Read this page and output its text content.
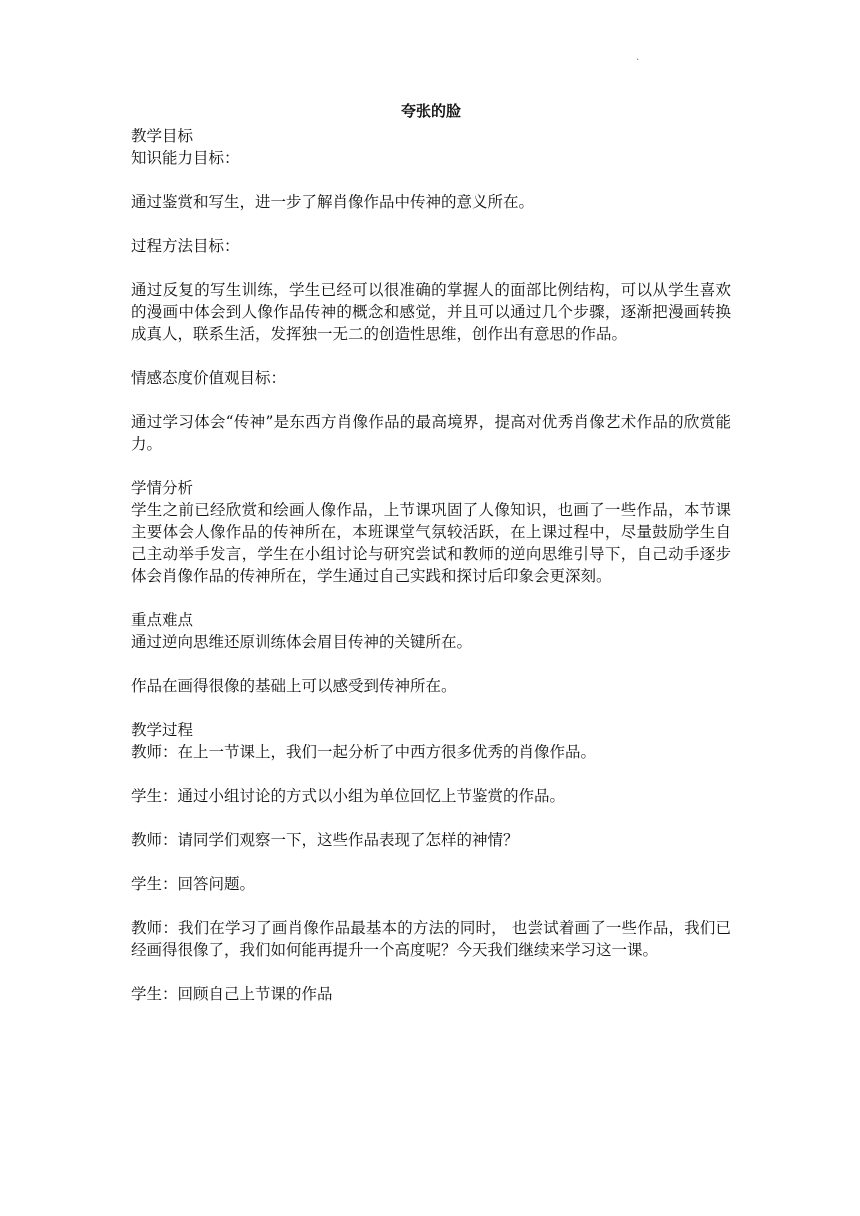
.
夸张的脸
教学目标
知识能力目标：

通过鉴赏和写生，进一步了解肖像作品中传神的意义所在。

过程方法目标：

通过反复的写生训练，学生已经可以很准确的掌握人的面部比例结构，可以从学生喜欢的漫画中体会到人像作品传神的概念和感觉，并且可以通过几个步骤，逐渐把漫画转换成真人，联系生活，发挥独一无二的创造性思维，创作出有意思的作品。

情感态度价值观目标：

通过学习体会“传神”是东西方肖像作品的最高境界，提高对优秀肖像艺术作品的欣赏能力。

学情分析

学生之前已经欣赏和绘画人像作品，上节课巩固了人像知识，也画了一些作品，本节课主要体会人像作品的传神所在，本班课堂气氛较活跃，在上课过程中，尽量鼓励学生自己主动举手发言，学生在小组讨论与研究尝试和教师的逆向思维引导下，自己动手逐步体会肖像作品的传神所在，学生通过自己实践和探讨后印象会更深刻。

重点难点

通过逆向思维还原训练体会眉目传神的关键所在。

作品在画得很像的基础上可以感受到传神所在。

教学过程

教师：在上一节课上，我们一起分析了中西方很多优秀的肖像作品。

学生：通过小组讨论的方式以小组为单位回忆上节鉴赏的作品。

教师：请同学们观察一下，这些作品表现了怎样的神情？

学生：回答问题。

教师：我们在学习了画肖像作品最基本的方法的同时， 也尝试着画了一些作品，我们已经画得很像了，我们如何能再提升一个高度呢？今天我们继续来学习这一课。

学生：回顾自己上节课的作品
